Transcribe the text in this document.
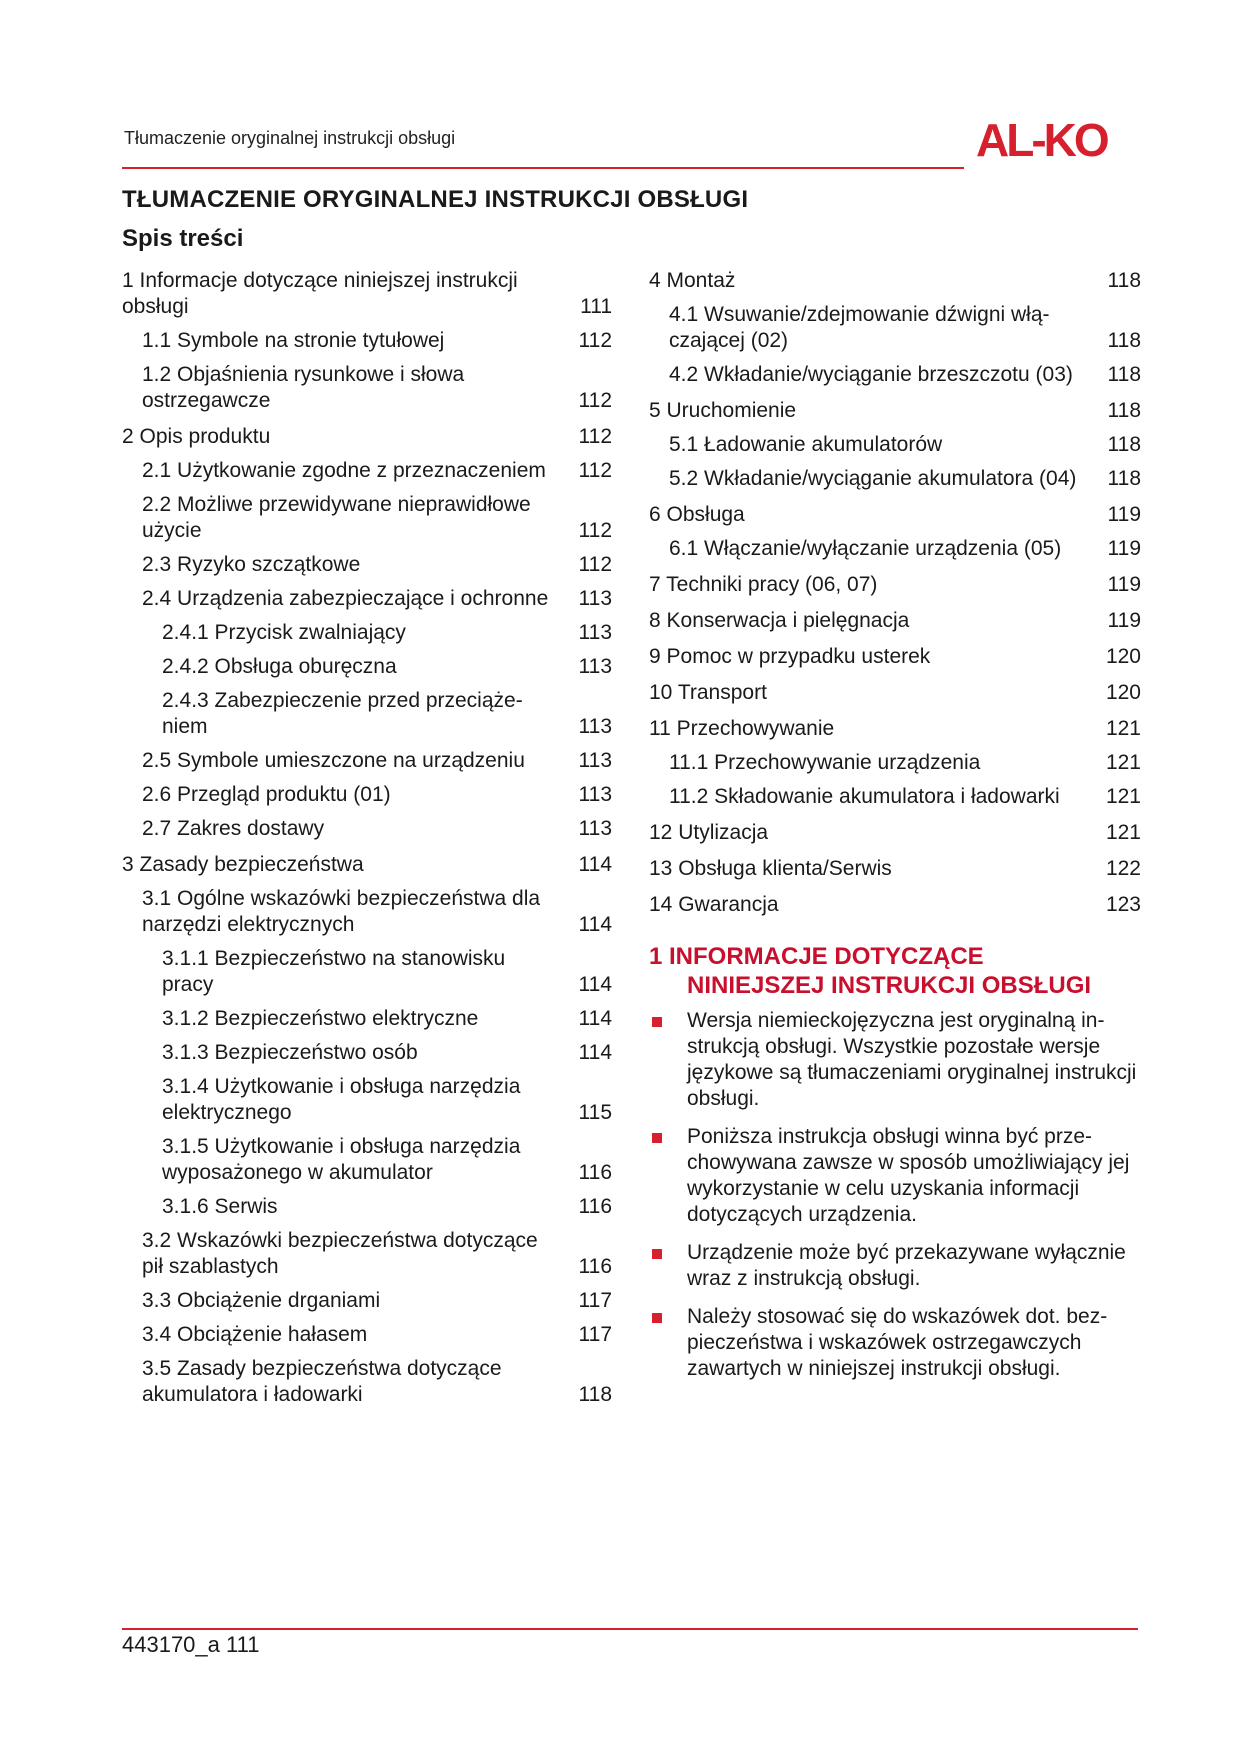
Tłumaczenie oryginalnej instrukcji obsługi	AL-KO
TŁUMACZENIE ORYGINALNEJ INSTRUKCJI OBSŁUGI
Spis treści
1 Informacje dotyczące niniejszej instrukcji obsługi	111
1.1 Symbole na stronie tytułowej	112
1.2 Objaśnienia rysunkowe i słowa ostrzegawcze	112
2 Opis produktu	112
2.1 Użytkowanie zgodne z przeznaczeniem	112
2.2 Możliwe przewidywane nieprawidłowe użycie	112
2.3 Ryzyko szczątkowe	112
2.4 Urządzenia zabezpieczające i ochronne	113
2.4.1 Przycisk zwalniający	113
2.4.2 Obsługa oburęczna	113
2.4.3 Zabezpieczenie przed przeciążeniem	113
2.5 Symbole umieszczone na urządzeniu	113
2.6 Przegląd produktu (01)	113
2.7 Zakres dostawy	113
3 Zasady bezpieczeństwa	114
3.1 Ogólne wskazówki bezpieczeństwa dla narzędzi elektrycznych	114
3.1.1 Bezpieczeństwo na stanowisku pracy	114
3.1.2 Bezpieczeństwo elektryczne	114
3.1.3 Bezpieczeństwo osób	114
3.1.4 Użytkowanie i obsługa narzędzia elektrycznego	115
3.1.5 Użytkowanie i obsługa narzędzia wyposażonego w akumulator	116
3.1.6 Serwis	116
3.2 Wskazówki bezpieczeństwa dotyczące pił szablastych	116
3.3 Obciążenie drganiami	117
3.4 Obciążenie hałasem	117
3.5 Zasady bezpieczeństwa dotyczące akumulatora i ładowarki	118
4 Montaż	118
4.1 Wsuwanie/zdejmowanie dźwigni włączającej (02)	118
4.2 Wkładanie/wyciąganie brzeszczotu (03)	118
5 Uruchomienie	118
5.1 Ładowanie akumulatorów	118
5.2 Wkładanie/wyciąganie akumulatora (04)	118
6 Obsługa	119
6.1 Włączanie/wyłączanie urządzenia (05)	119
7 Techniki pracy (06, 07)	119
8 Konserwacja i pielęgnacja	119
9 Pomoc w przypadku usterek	120
10 Transport	120
11 Przechowywanie	121
11.1 Przechowywanie urządzenia	121
11.2 Składowanie akumulatora i ładowarki	121
12 Utylizacja	121
13 Obsługa klienta/Serwis	122
14 Gwarancja	123
1 INFORMACJE DOTYCZĄCE
NINIEJSZEJ INSTRUKCJI OBSŁUGI
Wersja niemieckojęzyczna jest oryginalną instrukcją obsługi. Wszystkie pozostałe wersje językowe są tłumaczeniami oryginalnej instrukcji obsługi.
Poniższa instrukcja obsługi winna być przechowywana zawsze w sposób umożliwiający jej wykorzystanie w celu uzyskania informacji dotyczących urządzenia.
Urządzenie może być przekazywane wyłącznie wraz z instrukcją obsługi.
Należy stosować się do wskazówek dot. bezpieczeństwa i wskazówek ostrzegawczych zawartych w niniejszej instrukcji obsługi.
443170_a 111
